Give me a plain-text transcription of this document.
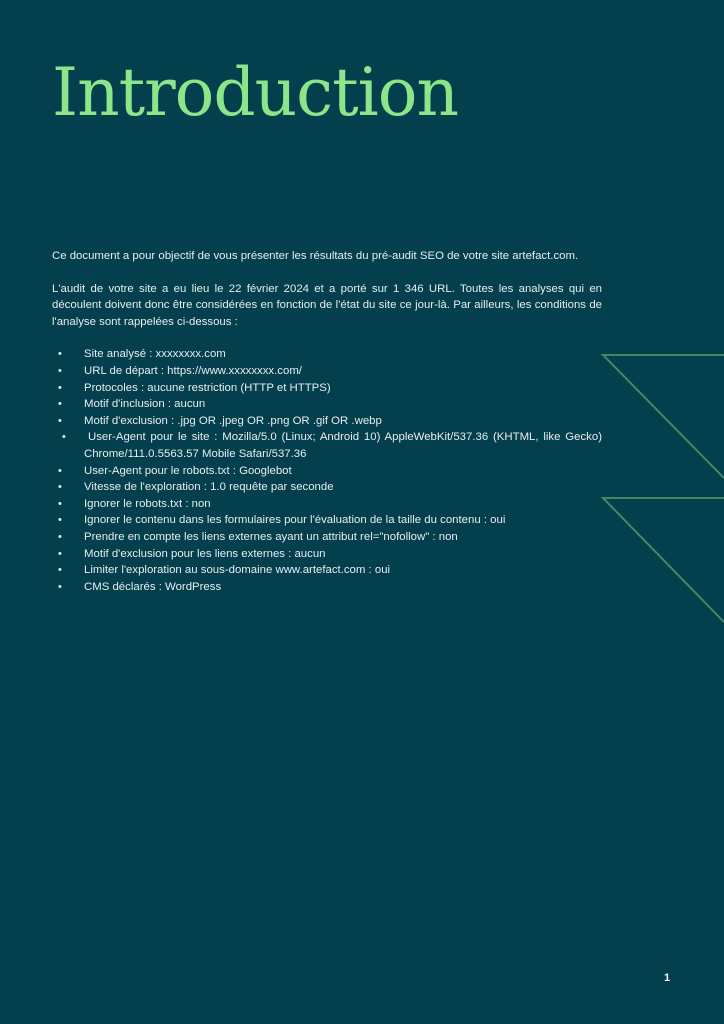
Introduction

Ce document a pour objectif de vous présenter les résultats du pré-audit SEO de votre site artefact.com.

L'audit de votre site a eu lieu le 22 février 2024 et a porté sur 1 346 URL. Toutes les analyses qui en découlent doivent donc être considérées en fonction de l'état du site ce jour-là. Par ailleurs, les conditions de l'analyse sont rappelées ci-dessous :

• Site analysé : xxxxxxxx.com
• URL de départ : https://www.xxxxxxxx.com/
• Protocoles : aucune restriction (HTTP et HTTPS)
• Motif d'inclusion : aucun
• Motif d'exclusion : .jpg OR .jpeg OR .png OR .gif OR .webp
• User-Agent pour le site : Mozilla/5.0 (Linux; Android 10) AppleWebKit/537.36 (KHTML, like Gecko) Chrome/111.0.5563.57 Mobile Safari/537.36
• User-Agent pour le robots.txt : Googlebot
• Vitesse de l'exploration : 1.0 requête par seconde
• Ignorer le robots.txt : non
• Ignorer le contenu dans les formulaires pour l'évaluation de la taille du contenu : oui
• Prendre en compte les liens externes ayant un attribut rel="nofollow" : non
• Motif d'exclusion pour les liens externes : aucun
• Limiter l'exploration au sous-domaine www.artefact.com : oui
• CMS déclarés : WordPress
1
